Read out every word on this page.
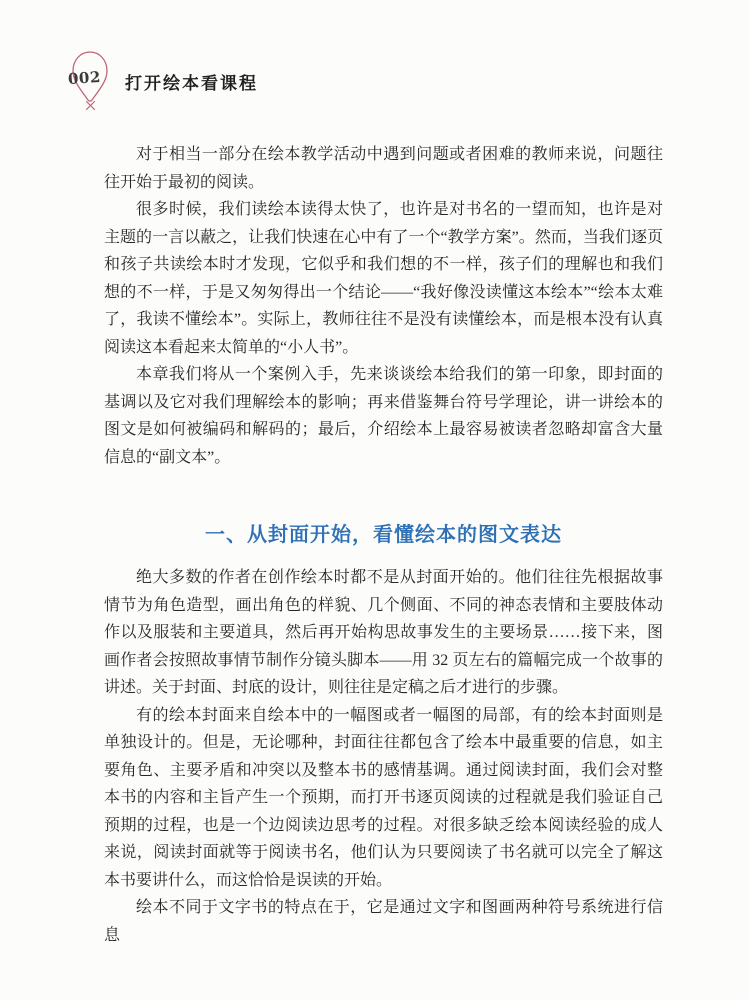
002 打开绘本看课程

对于相当一部分在绘本教学活动中遇到问题或者困难的教师来说，问题往往开始于最初的阅读。

很多时候，我们读绘本读得太快了，也许是对书名的一望而知，也许是对主题的一言以蔽之，让我们快速在心中有了一个“教学方案”。然而，当我们逐页和孩子共读绘本时才发现，它似乎和我们想的不一样，孩子们的理解也和我们想的不一样，于是又匆匆得出一个结论——“我好像没读懂这本绘本”“绘本太难了，我读不懂绘本”。实际上，教师往往不是没有读懂绘本，而是根本没有认真阅读这本看起来太简单的“小人书”。

本章我们将从一个案例入手，先来谈谈绘本给我们的第一印象，即封面的基调以及它对我们理解绘本的影响；再来借鉴舞台符号学理论，讲一讲绘本的图文是如何被编码和解码的；最后，介绍绘本上最容易被读者忽略却富含大量信息的“副文本”。

一、从封面开始，看懂绘本的图文表达

绝大多数的作者在创作绘本时都不是从封面开始的。他们往往先根据故事情节为角色造型，画出角色的样貌、几个侧面、不同的神态表情和主要肢体动作以及服装和主要道具，然后再开始构思故事发生的主要场景……接下来，图画作者会按照故事情节制作分镜头脚本——用 32 页左右的篇幅完成一个故事的讲述。关于封面、封底的设计，则往往是定稿之后才进行的步骤。

有的绘本封面来自绘本中的一幅图或者一幅图的局部，有的绘本封面则是单独设计的。但是，无论哪种，封面往往都包含了绘本中最重要的信息，如主要角色、主要矛盾和冲突以及整本书的感情基调。通过阅读封面，我们会对整本书的内容和主旨产生一个预期，而打开书逐页阅读的过程就是我们验证自己预期的过程，也是一个边阅读边思考的过程。对很多缺乏绘本阅读经验的成人来说，阅读封面就等于阅读书名，他们认为只要阅读了书名就可以完全了解这本书要讲什么，而这恰恰是误读的开始。

绘本不同于文字书的特点在于，它是通过文字和图画两种符号系统进行信息
